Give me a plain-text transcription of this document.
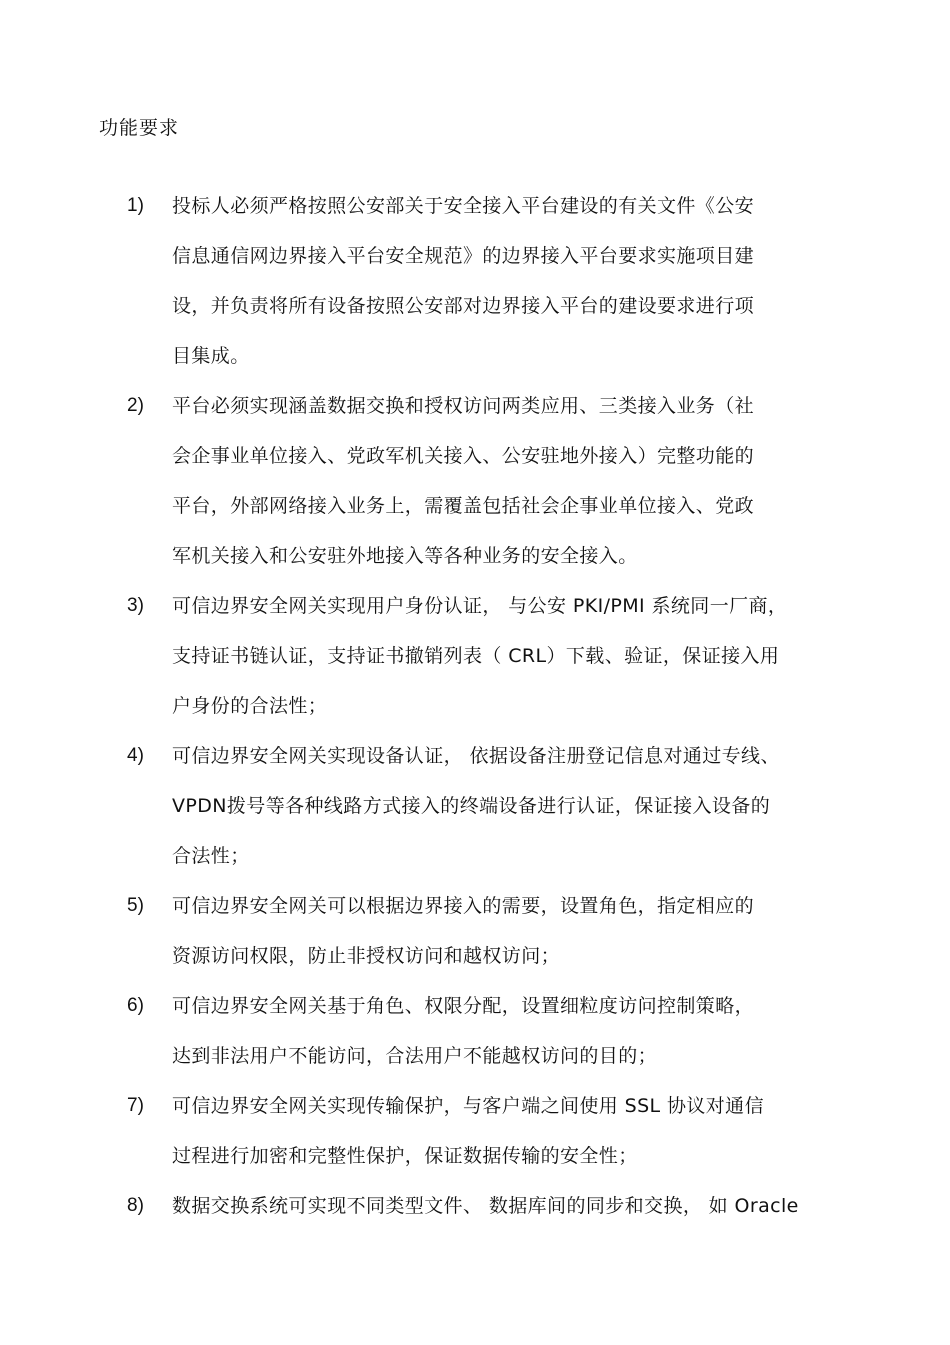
功能要求
1) 投标人必须严格按照公安部关于安全接入平台建设的有关文件《公安
信息通信网边界接入平台安全规范》的边界接入平台要求实施项目建
设，并负责将所有设备按照公安部对边界接入平台的建设要求进行项
目集成。
2) 平台必须实现涵盖数据交换和授权访问两类应用、三类接入业务（社
会企事业单位接入、党政军机关接入、公安驻地外接入）完整功能的
平台，外部网络接入业务上，需覆盖包括社会企事业单位接入、党政
军机关接入和公安驻外地接入等各种业务的安全接入。
3) 可信边界安全网关实现用户身份认证， 与公安 PKI/PMI 系统同一厂商，
支持证书链认证，支持证书撤销列表（ CRL）下载、验证，保证接入用
户身份的合法性；
4) 可信边界安全网关实现设备认证， 依据设备注册登记信息对通过专线、
VPDN拨号等各种线路方式接入的终端设备进行认证，保证接入设备的
合法性；
5) 可信边界安全网关可以根据边界接入的需要，设置角色，指定相应的
资源访问权限，防止非授权访问和越权访问；
6) 可信边界安全网关基于角色、权限分配，设置细粒度访问控制策略，
达到非法用户不能访问，合法用户不能越权访问的目的；
7) 可信边界安全网关实现传输保护，与客户端之间使用 SSL 协议对通信
过程进行加密和完整性保护，保证数据传输的安全性；
8) 数据交换系统可实现不同类型文件、 数据库间的同步和交换， 如 Oracle
